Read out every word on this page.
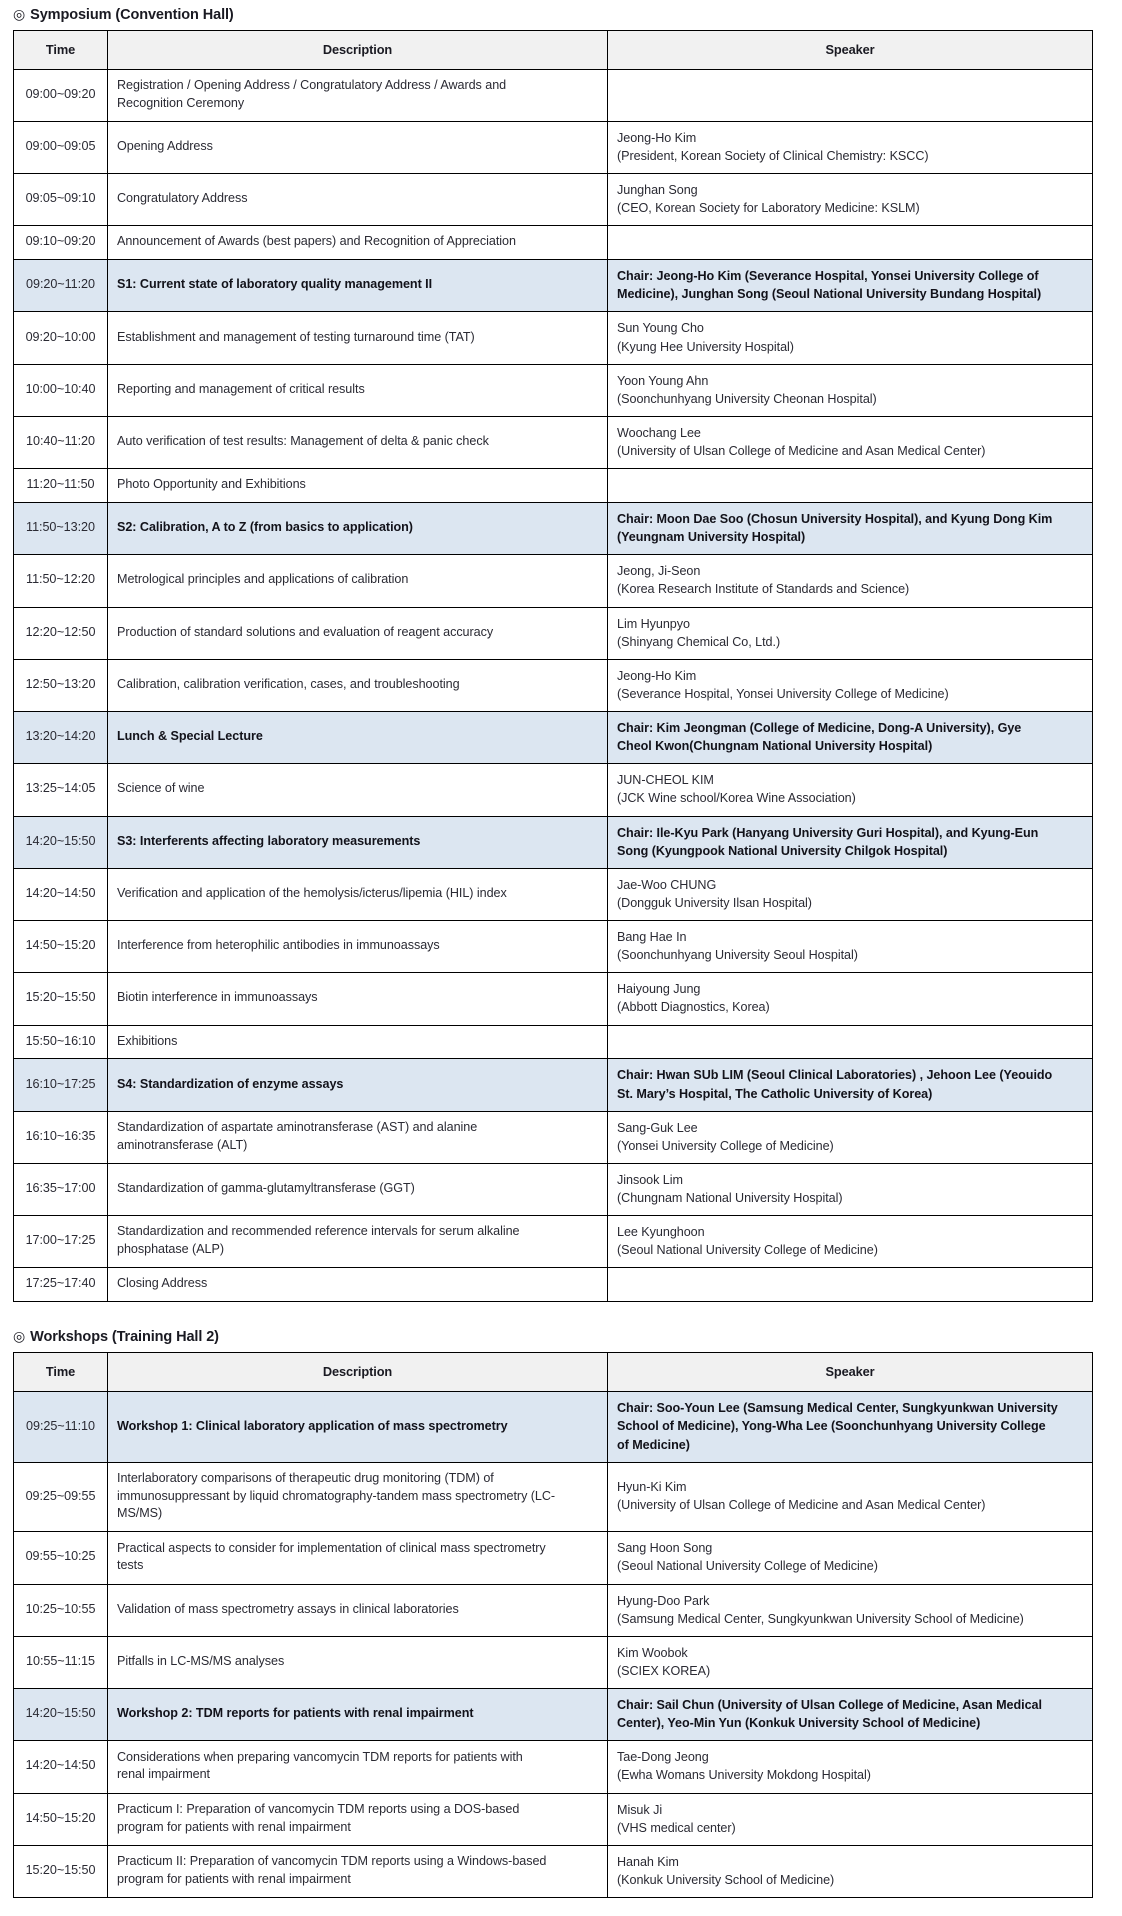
◎ Symposium (Convention Hall)
Time	Description	Speaker
09:00~09:20	Registration / Opening Address / Congratulatory Address / Awards and
Recognition Ceremony	

09:00~09:05	Opening Address	Jeong-Ho Kim
(President, Korean Society of Clinical Chemistry: KSCC)

09:05~09:10	Congratulatory Address	Junghan Song
(CEO, Korean Society for Laboratory Medicine: KSLM)

09:10~09:20	Announcement of Awards (best papers) and Recognition of Appreciation	

09:20~11:20	S1: Current state of laboratory quality management II	Chair: Jeong-Ho Kim (Severance Hospital, Yonsei University College of
Medicine), Junghan Song (Seoul National University Bundang Hospital)

09:20~10:00	Establishment and management of testing turnaround time (TAT)	Sun Young Cho
(Kyung Hee University Hospital)

10:00~10:40	Reporting and management of critical results	Yoon Young Ahn
(Soonchunhyang University Cheonan Hospital)

10:40~11:20	Auto verification of test results: Management of delta & panic check	Woochang Lee
(University of Ulsan College of Medicine and Asan Medical Center)

11:20~11:50	Photo Opportunity and Exhibitions	

11:50~13:20	S2: Calibration, A to Z (from basics to application)	Chair: Moon Dae Soo (Chosun University Hospital), and Kyung Dong Kim
(Yeungnam University Hospital)

11:50~12:20	Metrological principles and applications of calibration	Jeong, Ji-Seon
(Korea Research Institute of Standards and Science)

12:20~12:50	Production of standard solutions and evaluation of reagent accuracy	Lim Hyunpyo
(Shinyang Chemical Co, Ltd.)

12:50~13:20	Calibration, calibration verification, cases, and troubleshooting	Jeong-Ho Kim
(Severance Hospital, Yonsei University College of Medicine)

13:20~14:20	Lunch & Special Lecture	Chair: Kim Jeongman (College of Medicine, Dong-A University), Gye
Cheol Kwon(Chungnam National University Hospital)

13:25~14:05	Science of wine	JUN-CHEOL KIM
(JCK Wine school/Korea Wine Association)

14:20~15:50	S3: Interferents affecting laboratory measurements	Chair: Ile-Kyu Park (Hanyang University Guri Hospital), and Kyung-Eun
Song (Kyungpook National University Chilgok Hospital)

14:20~14:50	Verification and application of the hemolysis/icterus/lipemia (HIL) index	Jae-Woo CHUNG
(Dongguk University Ilsan Hospital)

14:50~15:20	Interference from heterophilic antibodies in immunoassays	Bang Hae In
(Soonchunhyang University Seoul Hospital)

15:20~15:50	Biotin interference in immunoassays	Haiyoung Jung
(Abbott Diagnostics, Korea)

15:50~16:10	Exhibitions	

16:10~17:25	S4: Standardization of enzyme assays	Chair: Hwan SUb LIM (Seoul Clinical Laboratories) , Jehoon Lee (Yeouido
St. Mary’s Hospital, The Catholic University of Korea)

16:10~16:35	Standardization of aspartate aminotransferase (AST) and alanine
aminotransferase (ALT)	Sang-Guk Lee
(Yonsei University College of Medicine)

16:35~17:00	Standardization of gamma-glutamyltransferase (GGT)	Jinsook Lim
(Chungnam National University Hospital)

17:00~17:25	Standardization and recommended reference intervals for serum alkaline
phosphatase (ALP)	Lee Kyunghoon
(Seoul National University College of Medicine)

17:25~17:40	Closing Address	

◎ Workshops (Training Hall 2)
Time	Description	Speaker
09:25~11:10	Workshop 1: Clinical laboratory application of mass spectrometry	Chair: Soo-Youn Lee (Samsung Medical Center, Sungkyunkwan University
School of Medicine), Yong-Wha Lee (Soonchunhyang University College
of Medicine)

09:25~09:55	Interlaboratory comparisons of therapeutic drug monitoring (TDM) of
immunosuppressant by liquid chromatography-tandem mass spectrometry (LC-
MS/MS)	Hyun-Ki Kim
(University of Ulsan College of Medicine and Asan Medical Center)

09:55~10:25	Practical aspects to consider for implementation of clinical mass spectrometry
tests	Sang Hoon Song
(Seoul National University College of Medicine)

10:25~10:55	Validation of mass spectrometry assays in clinical laboratories	Hyung-Doo Park
(Samsung Medical Center, Sungkyunkwan University School of Medicine)

10:55~11:15	Pitfalls in LC-MS/MS analyses	Kim Woobok
(SCIEX KOREA)

14:20~15:50	Workshop 2: TDM reports for patients with renal impairment	Chair: Sail Chun (University of Ulsan College of Medicine, Asan Medical
Center), Yeo-Min Yun (Konkuk University School of Medicine)

14:20~14:50	Considerations when preparing vancomycin TDM reports for patients with
renal impairment	Tae-Dong Jeong
(Ewha Womans University Mokdong Hospital)

14:50~15:20	Practicum I: Preparation of vancomycin TDM reports using a DOS-based
program for patients with renal impairment	Misuk Ji
(VHS medical center)

15:20~15:50	Practicum II: Preparation of vancomycin TDM reports using a Windows-based
program for patients with renal impairment	Hanah Kim
(Konkuk University School of Medicine)
